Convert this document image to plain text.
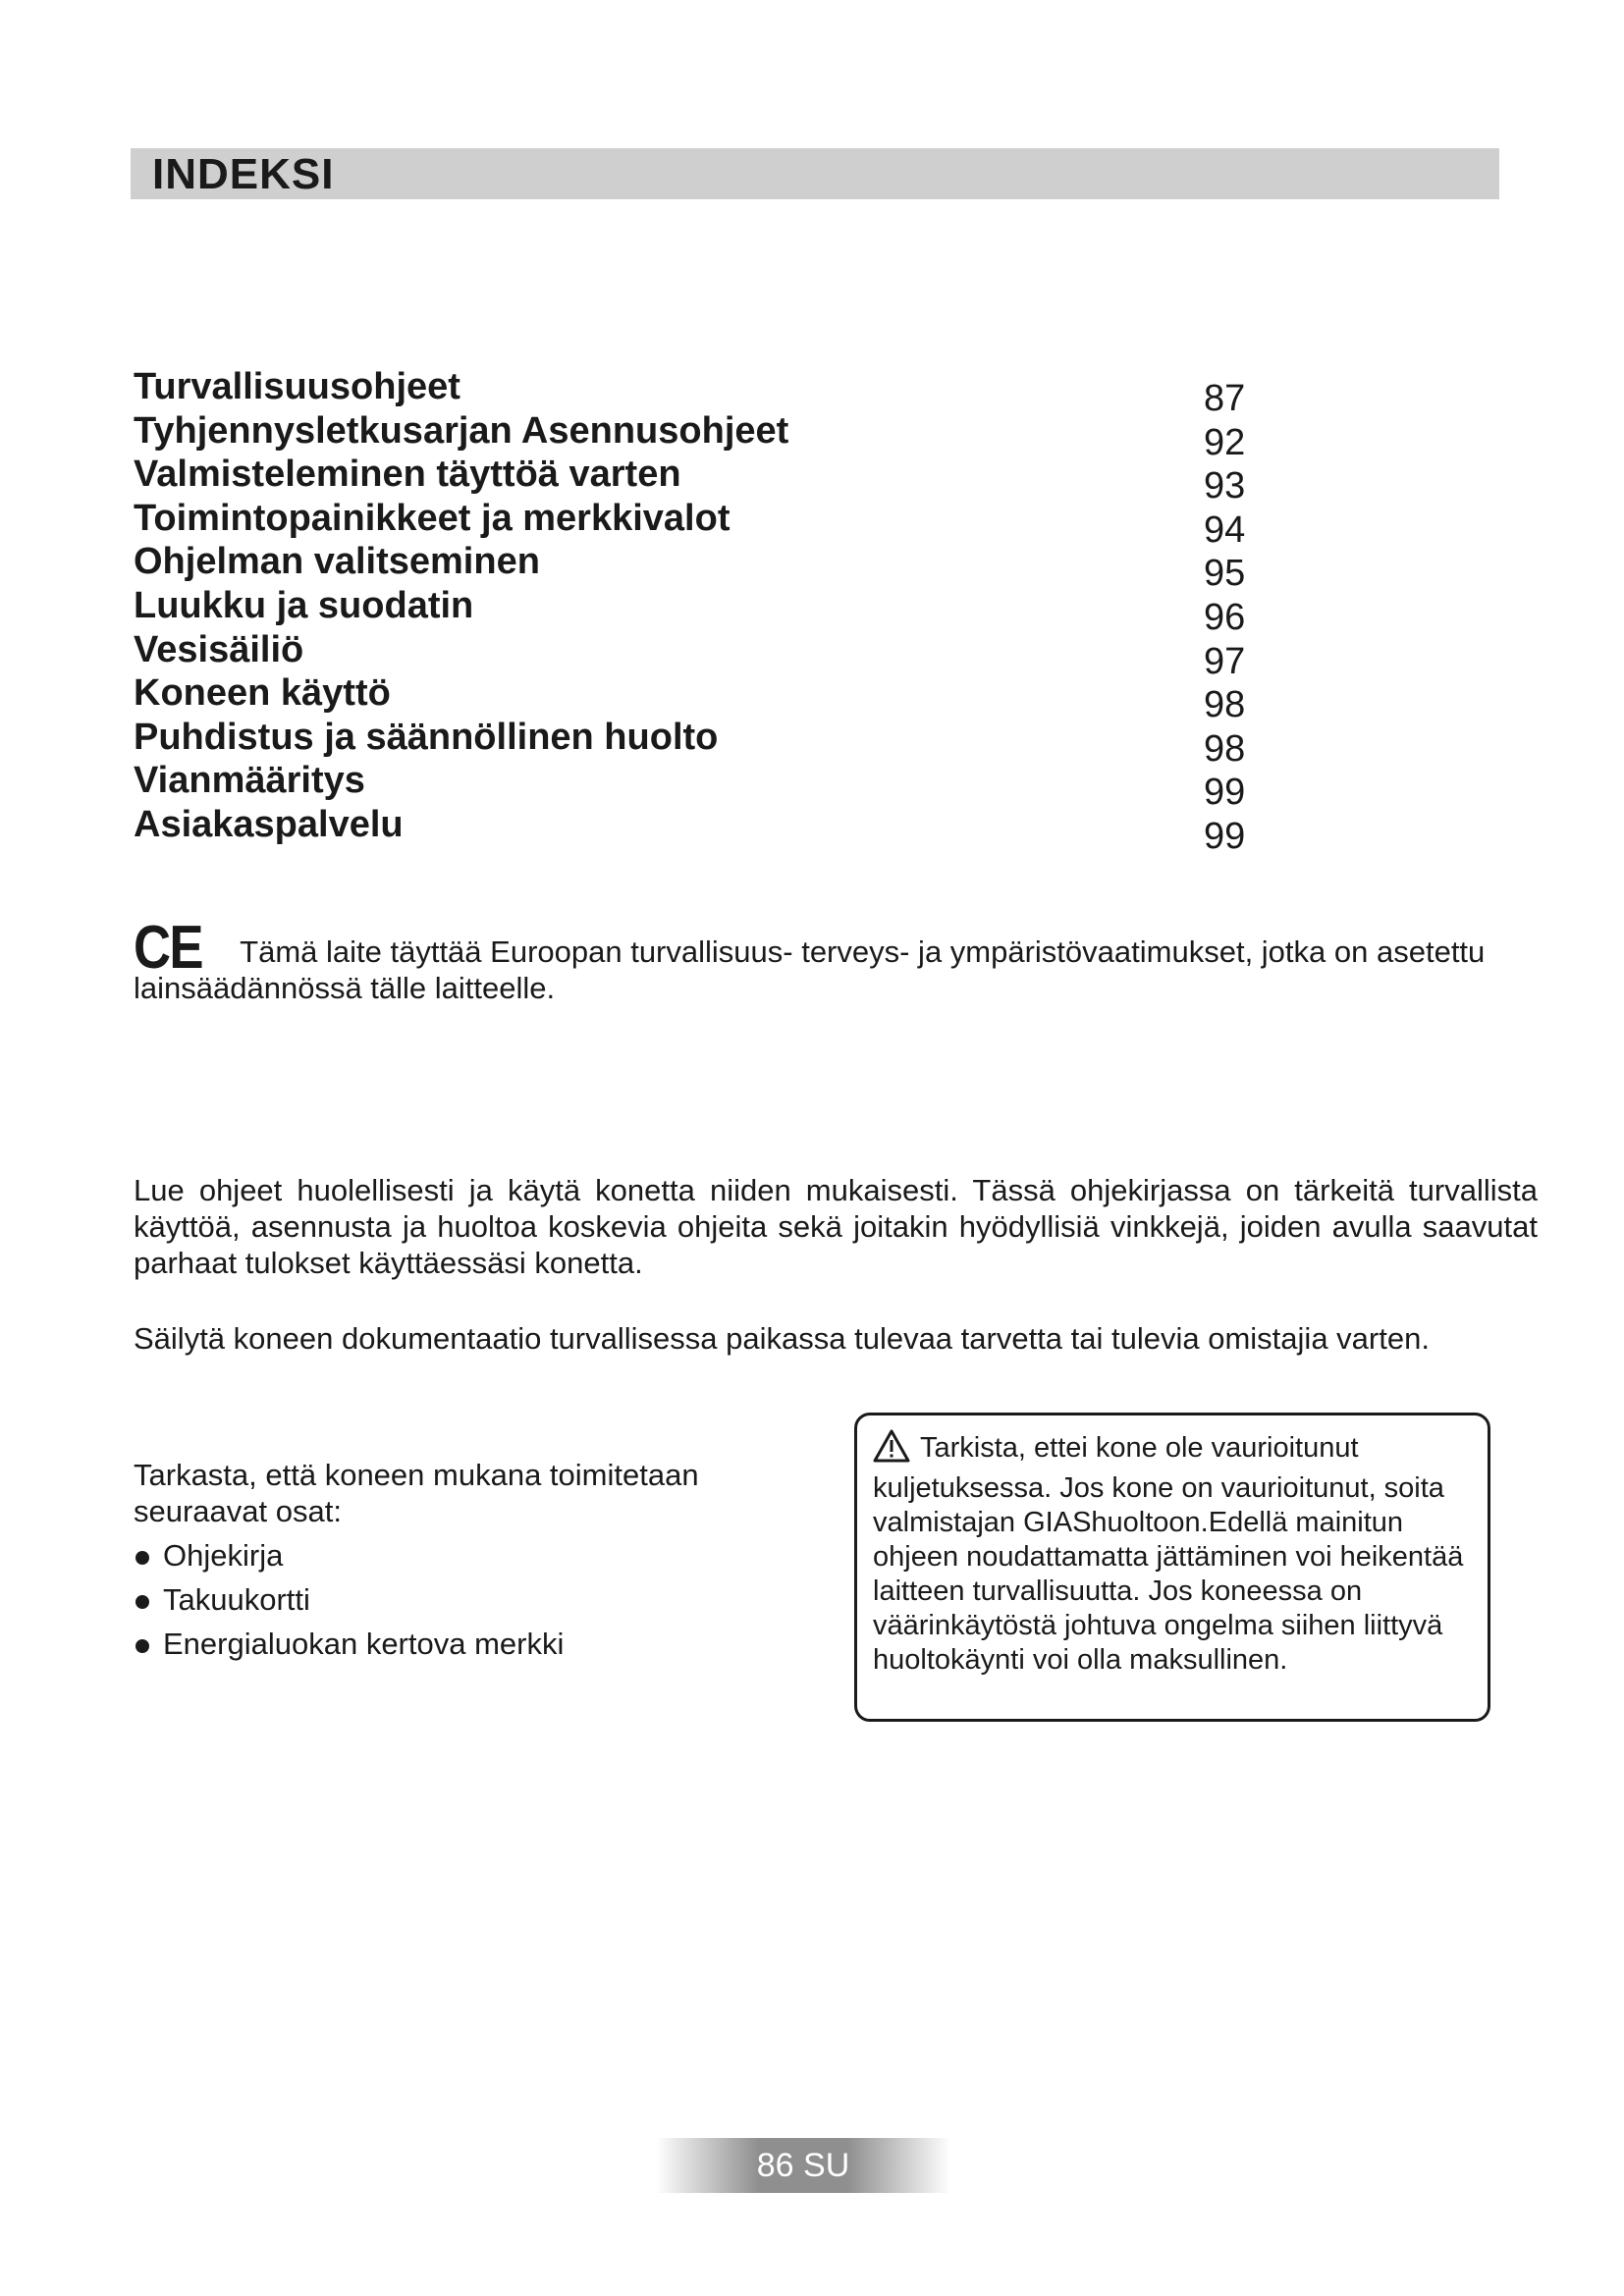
INDEKSI
Turvallisuusohjeet	87
Tyhjennysletkusarjan Asennusohjeet	92
Valmisteleminen täyttöä varten	93
Toimintopainikkeet ja merkkivalot	94
Ohjelman valitseminen	95
Luukku ja suodatin	96
Vesisäiliö	97
Koneen käyttö	98
Puhdistus ja säännöllinen huolto	98
Vianmääritys	99
Asiakaspalvelu	99
CE Tämä laite täyttää Euroopan turvallisuus- terveys- ja ympäristövaatimukset, jotka on asetettu lainsäädännössä tälle laitteelle.
Lue ohjeet huolellisesti ja käytä konetta niiden mukaisesti. Tässä ohjekirjassa on tärkeitä turvallista käyttöä, asennusta ja huoltoa koskevia ohjeita sekä joitakin hyödyllisiä vinkkejä, joiden avulla saavutat parhaat tulokset käyttäessäsi konetta.
Säilytä koneen dokumentaatio turvallisessa paikassa tulevaa tarvetta tai tulevia omistajia varten.
Tarkasta, että koneen mukana toimitetaan seuraavat osat:
Ohjekirja
Takuukortti
Energialuokan kertova merkki
Tarkista, ettei kone ole vaurioitunut kuljetuksessa. Jos kone on vaurioitunut, soita valmistajan GIAShuoltoon.Edellä mainitun ohjeen noudattamatta jättäminen voi heikentää laitteen turvallisuutta. Jos koneessa on väärinkäytöstä johtuva ongelma siihen liittyvä huoltokäynti voi olla maksullinen.
86 SU
